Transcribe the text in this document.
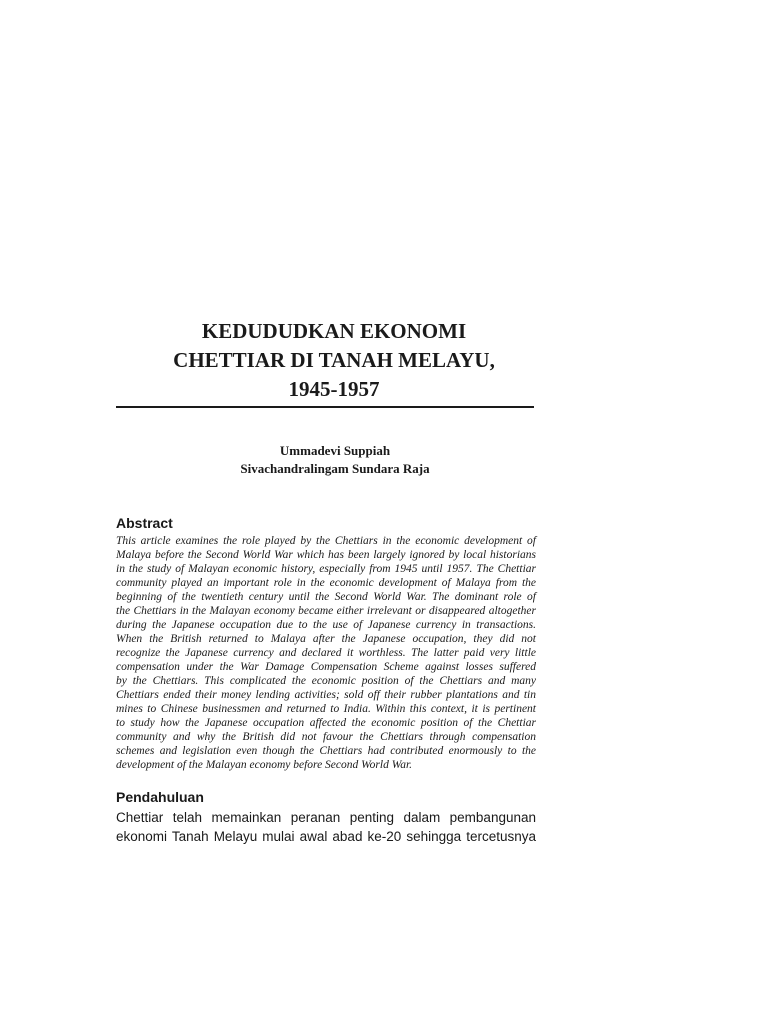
KEDUDUDKAN EKONOMI
CHETTIAR DI TANAH MELAYU,
1945-1957
Ummadevi Suppiah
Sivachandralingam Sundara Raja
Abstract
This article examines the role played by the Chettiars in the economic development of
Malaya before the Second World War which has been largely ignored by local historians
in the study of Malayan economic history, especially from 1945 until 1957. The Chettiar
community played an important role in the economic development of Malaya from the
beginning of the twentieth century until the Second World War. The dominant role of
the Chettiars in the Malayan economy became either irrelevant or disappeared altogether
during the Japanese occupation due to the use of Japanese currency in transactions.
When the British returned to Malaya after the Japanese occupation, they did not
recognize the Japanese currency and declared it worthless. The latter paid very little
compensation under the War Damage Compensation Scheme against losses suffered
by the Chettiars. This complicated the economic position of the Chettiars and many
Chettiars ended their money lending activities; sold off their rubber plantations and tin
mines to Chinese businessmen and returned to India. Within this context, it is pertinent
to study how the Japanese occupation affected the economic position of the Chettiar
community and why the British did not favour the Chettiars through compensation
schemes and legislation even though the Chettiars had contributed enormously to the
development of the Malayan economy before Second World War.
Pendahuluan
Chettiar telah memainkan peranan penting dalam pembangunan
ekonomi Tanah Melayu mulai awal abad ke-20 sehingga tercetusnya
